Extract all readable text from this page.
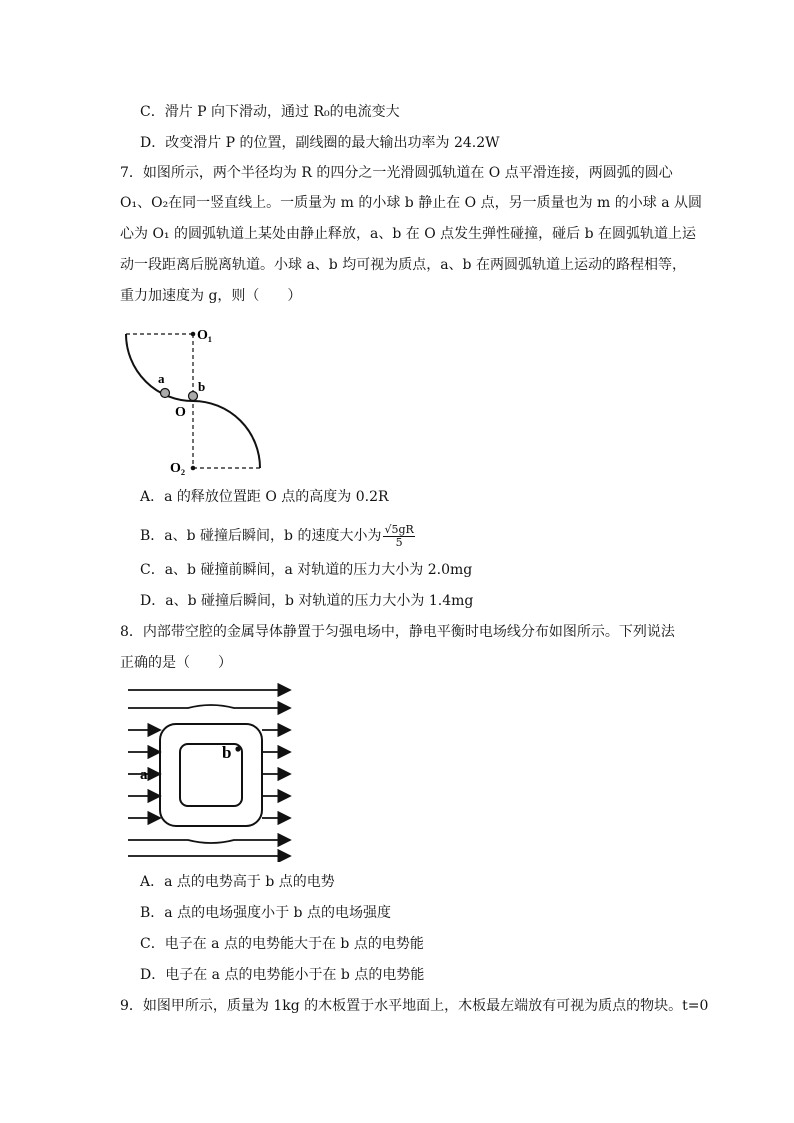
C．滑片 P 向下滑动，通过 R₀的电流变大
D．改变滑片 P 的位置，副线圈的最大输出功率为 24.2W
7．如图所示，两个半径均为 R 的四分之一光滑圆弧轨道在 O 点平滑连接，两圆弧的圆心
O₁、O₂在同一竖直线上。一质量为 m 的小球 b 静止在 O 点，另一质量也为 m 的小球 a 从圆
心为 O₁ 的圆弧轨道上某处由静止释放，a、b 在 O 点发生弹性碰撞，碰后 b 在圆弧轨道上运
动一段距离后脱离轨道。小球 a、b 均可视为质点，a、b 在两圆弧轨道上运动的路程相等，
重力加速度为 g，则（　　）
O₁
a
b
O
O₂
A．a 的释放位置距 O 点的高度为 0.2R
B．a、b 碰撞后瞬间，b 的速度大小为 $\frac{√5gR}{5}$
C．a、b 碰撞前瞬间，a 对轨道的压力大小为 2.0mg
D．a、b 碰撞后瞬间，b 对轨道的压力大小为 1.4mg
8．内部带空腔的金属导体静置于匀强电场中，静电平衡时电场线分布如图所示。下列说法
正确的是（　　）
a
b
A．a 点的电势高于 b 点的电势
B．a 点的电场强度小于 b 点的电场强度
C．电子在 a 点的电势能大于在 b 点的电势能
D．电子在 a 点的电势能小于在 b 点的电势能
9．如图甲所示，质量为 1kg 的木板置于水平地面上，木板最左端放有可视为质点的物块。t=0
